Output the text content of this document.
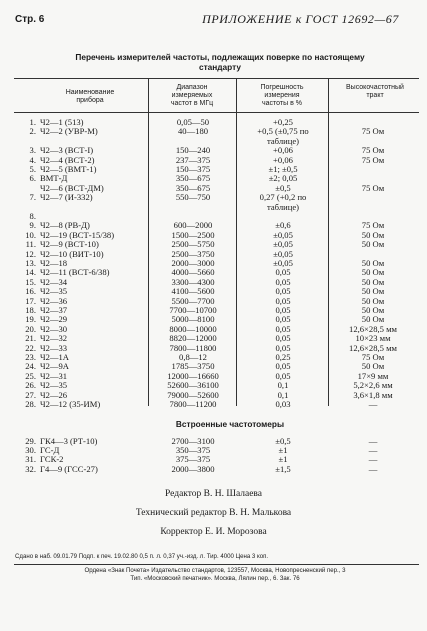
Стр. 6	ПРИЛОЖЕНИЕ к ГОСТ 12692—67
Перечень измерителей частоты, подлежащих поверке по настоящему
стандарту
Наименование
прибора
Диапазон
измеряемых
частот в МГц
Погрешность
измерения
частоты в %
Высокочастотный
тракт
1. Ч2—1 (513)	0,05—50	+0,25
2. Ч2—2 (УВР-М)	40—180	+0,5 (±0,75 по	75 Ом
таблице)
3. Ч2—3 (ВСТ-I)	150—240	+0,06	75 Ом
4. Ч2—4 (ВСТ-2)	237—375	+0,06	75 Ом
5. Ч2—5 (ВМТ-1)	150—375	±1; ±0,5
6. ВМТ-Д	350—675	±2; 0,05
Ч2—6 (ВСТ-ДМ)	350—675	±0,5	75 Ом
7. Ч2—7 (И-332)	550—750	0,27 (+0,2 по
таблице)
8.
9. Ч2—8 (РВ-Д)	600—2000	±0,6	75 Ом
10. Ч2—19 (ВСТ-15/38)	1500—2500	±0,05	50 Ом
11. Ч2—9 (ВСТ-10)	2500—5750	±0,05	50 Ом
12. Ч2—10 (ВИТ-10)	2500—3750	±0,05
13. Ч2—18	2000—3000	±0,05	50 Ом
14. Ч2—11 (ВСТ-6/38)	4000—5660	0,05	50 Ом
15. Ч2—34	3300—4300	0,05	50 Ом
16. Ч2—35	4100—5600	0,05	50 Ом
17. Ч2—36	5500—7700	0,05	50 Ом
18. Ч2—37	7700—10700	0,05	50 Ом
19. Ч2—29	5000—8100	0,05	50 Ом
20. Ч2—30	8000—10000	0,05	12,6×28,5 мм
21. Ч2—32	8820—12000	0,05	10×23 мм
22. Ч2—33	7800—11800	0,05	12,6×28,5 мм
23. Ч2—1А	0,8—12	0,25	75 Ом
24. Ч2—9А	1785—3750	0,05	50 Ом
25. Ч2—31	12000—16660	0,05	17×9 мм
26. Ч2—35	52600—36100	0,1	5,2×2,6 мм
27. Ч2—26	79000—52600	0,1	3,6×1,8 мм
28. Ч2—12 (35-ИМ)	7800—11200	0,03	—
Встроенные частотомеры
29. ГК4—3 (РТ-10)	2700—3100	±0,5	—
30. ГС-Д	350—375	±1	—
31. ГСК-2	375—375	±1	—
32. Г4—9 (ГСС-27)	2000—3800	±1,5	—
Редактор В. Н. Шалаева
Технический редактор В. Н. Малькова
Корректор Е. И. Морозова
Сдано в наб. 09.01.79 Подп. к печ. 19.02.80 0,5 п. л. 0,37 уч.-изд. л. Тир. 4000 Цена 3 коп.
Ордена «Знак Почета» Издательство стандартов, 123557, Москва, Новопресненский пер., 3
Тип. «Московский печатник». Москва, Лялин пер., 6. Зак. 76
